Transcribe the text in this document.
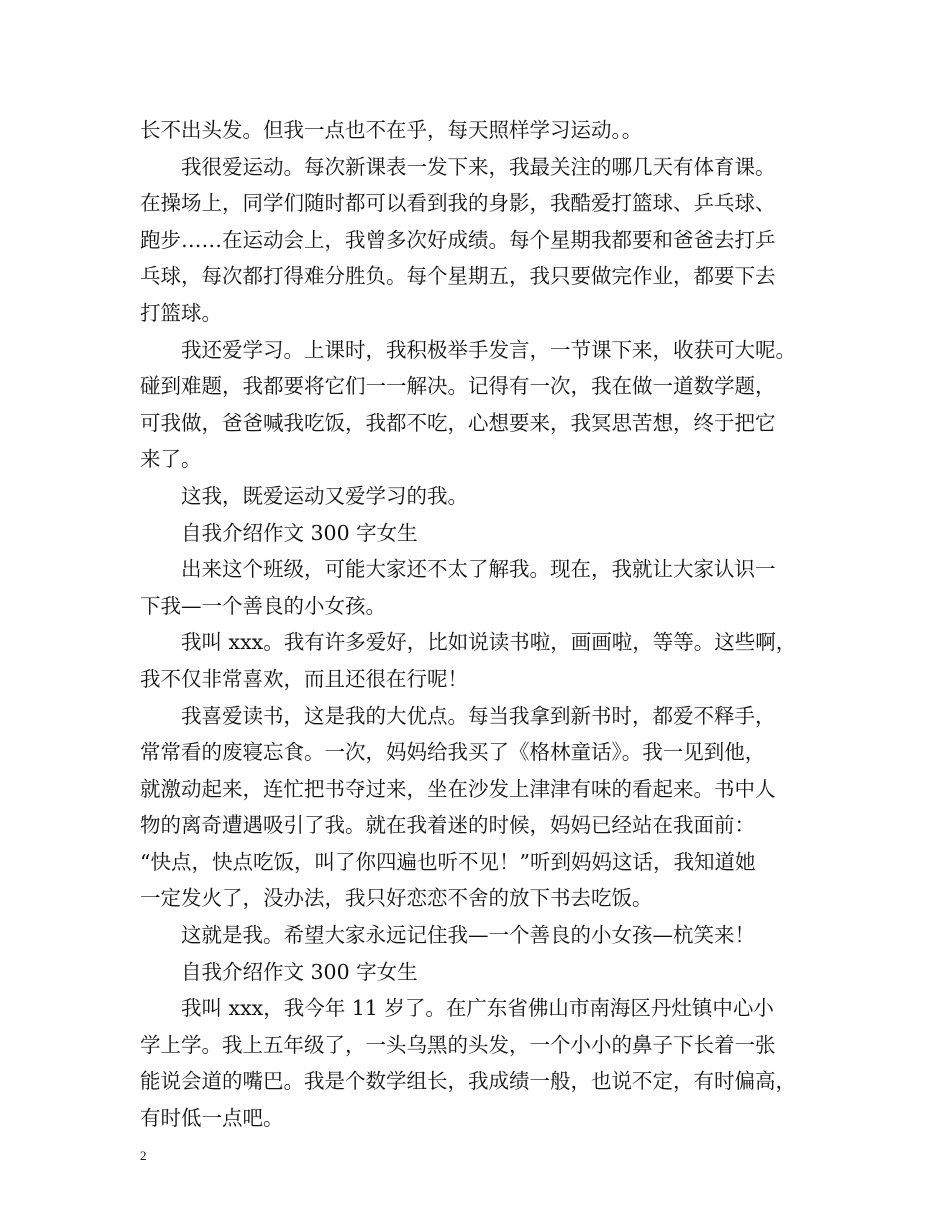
长不出头发。但我一点也不在乎，每天照样学习运动。。
我很爱运动。每次新课表一发下来，我最关注的哪几天有体育课。
在操场上，同学们随时都可以看到我的身影，我酷爱打篮球、乒乓球、
跑步……在运动会上，我曾多次好成绩。每个星期我都要和爸爸去打乒
乓球，每次都打得难分胜负。每个星期五，我只要做完作业，都要下去
打篮球。
我还爱学习。上课时，我积极举手发言，一节课下来，收获可大呢。
碰到难题，我都要将它们一一解决。记得有一次，我在做一道数学题，
可我做，爸爸喊我吃饭，我都不吃，心想要来，我冥思苦想，终于把它
来了。
这我，既爱运动又爱学习的我。
自我介绍作文 300 字女生
出来这个班级，可能大家还不太了解我。现在，我就让大家认识一
下我—一个善良的小女孩。
我叫 xxx。我有许多爱好，比如说读书啦，画画啦，等等。这些啊，
我不仅非常喜欢，而且还很在行呢！
我喜爱读书，这是我的大优点。每当我拿到新书时，都爱不释手，
常常看的废寝忘食。一次，妈妈给我买了《格林童话》。我一见到他，
就激动起来，连忙把书夺过来，坐在沙发上津津有味的看起来。书中人
物的离奇遭遇吸引了我。就在我着迷的时候，妈妈已经站在我面前：
“快点，快点吃饭，叫了你四遍也听不见！”听到妈妈这话，我知道她
一定发火了，没办法，我只好恋恋不舍的放下书去吃饭。
这就是我。希望大家永远记住我—一个善良的小女孩—杭笑来！
自我介绍作文 300 字女生
我叫 xxx，我今年 11 岁了。在广东省佛山市南海区丹灶镇中心小
学上学。我上五年级了，一头乌黑的头发，一个小小的鼻子下长着一张
能说会道的嘴巴。我是个数学组长，我成绩一般，也说不定，有时偏高，
有时低一点吧。
2
